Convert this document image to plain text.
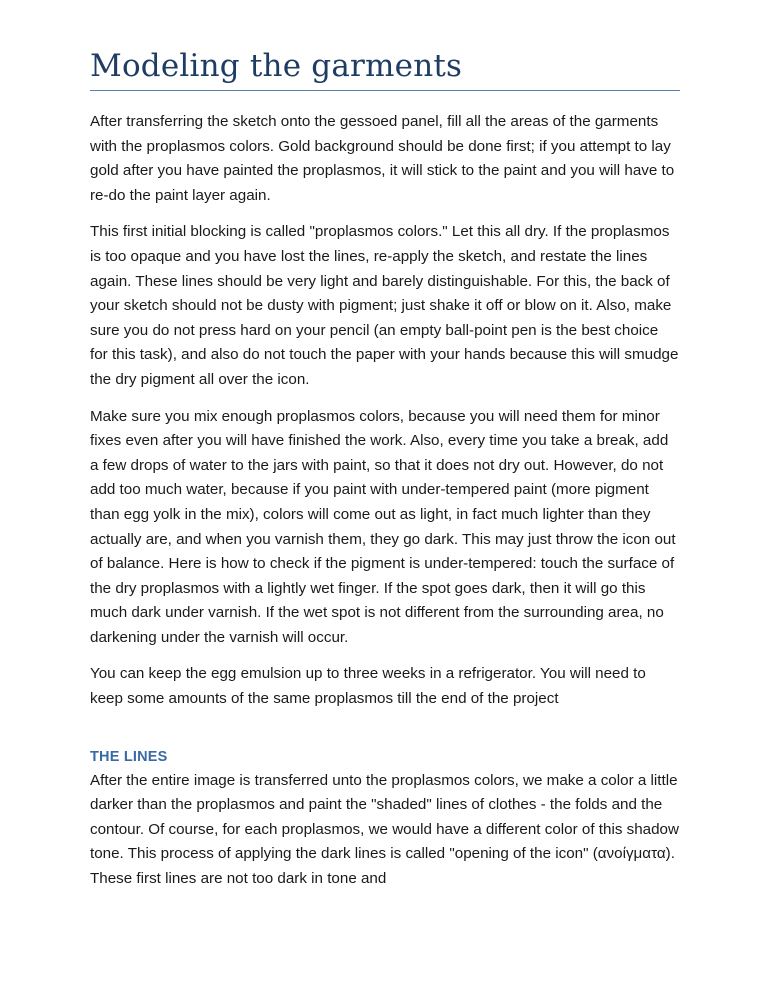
Modeling the garments

After transferring the sketch onto the gessoed panel, fill all the areas of the garments with the proplasmos colors. Gold background should be done first; if you attempt to lay gold after you have painted the proplasmos, it will stick to the paint and you will have to re-do the paint layer again.

This first initial blocking is called "proplasmos colors." Let this all dry. If the proplasmos is too opaque and you have lost the lines, re-apply the sketch, and restate the lines again. These lines should be very light and barely distinguishable. For this, the back of your sketch should not be dusty with pigment; just shake it off or blow on it. Also, make sure you do not press hard on your pencil (an empty ball-point pen is the best choice for this task), and also do not touch the paper with your hands because this will smudge the dry pigment all over the icon.

Make sure you mix enough proplasmos colors, because you will need them for minor fixes even after you will have finished the work. Also, every time you take a break, add a few drops of water to the jars with paint, so that it does not dry out. However, do not add too much water, because if you paint with under-tempered paint (more pigment than egg yolk in the mix), colors will come out as light, in fact much lighter than they actually are, and when you varnish them, they go dark. This may just throw the icon out of balance. Here is how to check if the pigment is under-tempered: touch the surface of the dry proplasmos with a lightly wet finger. If the spot goes dark, then it will go this much dark under varnish. If the wet spot is not different from the surrounding area, no darkening under the varnish will occur.

You can keep the egg emulsion up to three weeks in a refrigerator. You will need to keep some amounts of the same proplasmos till the end of the project

THE LINES

After the entire image is transferred unto the proplasmos colors, we make a color a little darker than the proplasmos and paint the "shaded" lines of clothes - the folds and the contour. Of course, for each proplasmos, we would have a different color of this shadow tone. This process of applying the dark lines is called "opening of the icon" (ανοίγματα). These first lines are not too dark in tone and
